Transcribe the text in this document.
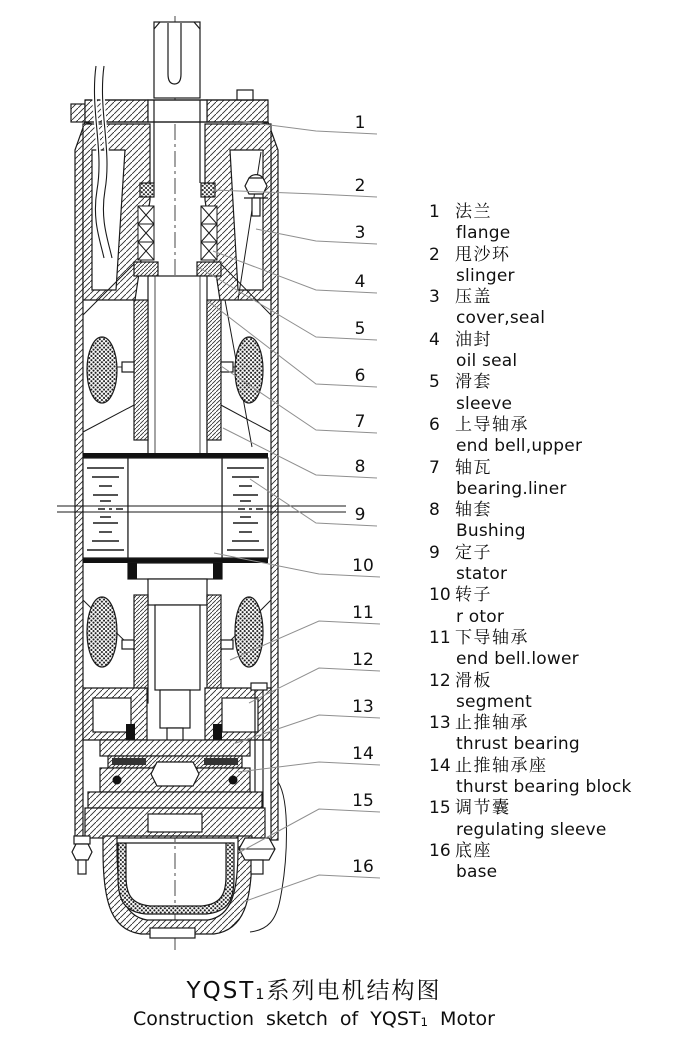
1
2
3
4
5
6
7
8
9
10
11
12
13
14
15
16
1 法兰
flange
2 甩沙环
slinger
3 压盖
cover,seal
4 油封
oil seal
5 滑套
sleeve
6 上导轴承
end bell,upper
7 轴瓦
bearing.liner
8 轴套
Bushing
9 定子
stator
10 转子
r otor
11 下导轴承
end bell.lower
12 滑板
segment
13 止推轴承
thrust bearing
14 止推轴承座
thurst bearing block
15 调节囊
regulating sleeve
16 底座
base
YQST1系列电机结构图
Construction sketch of YQST1 Motor
